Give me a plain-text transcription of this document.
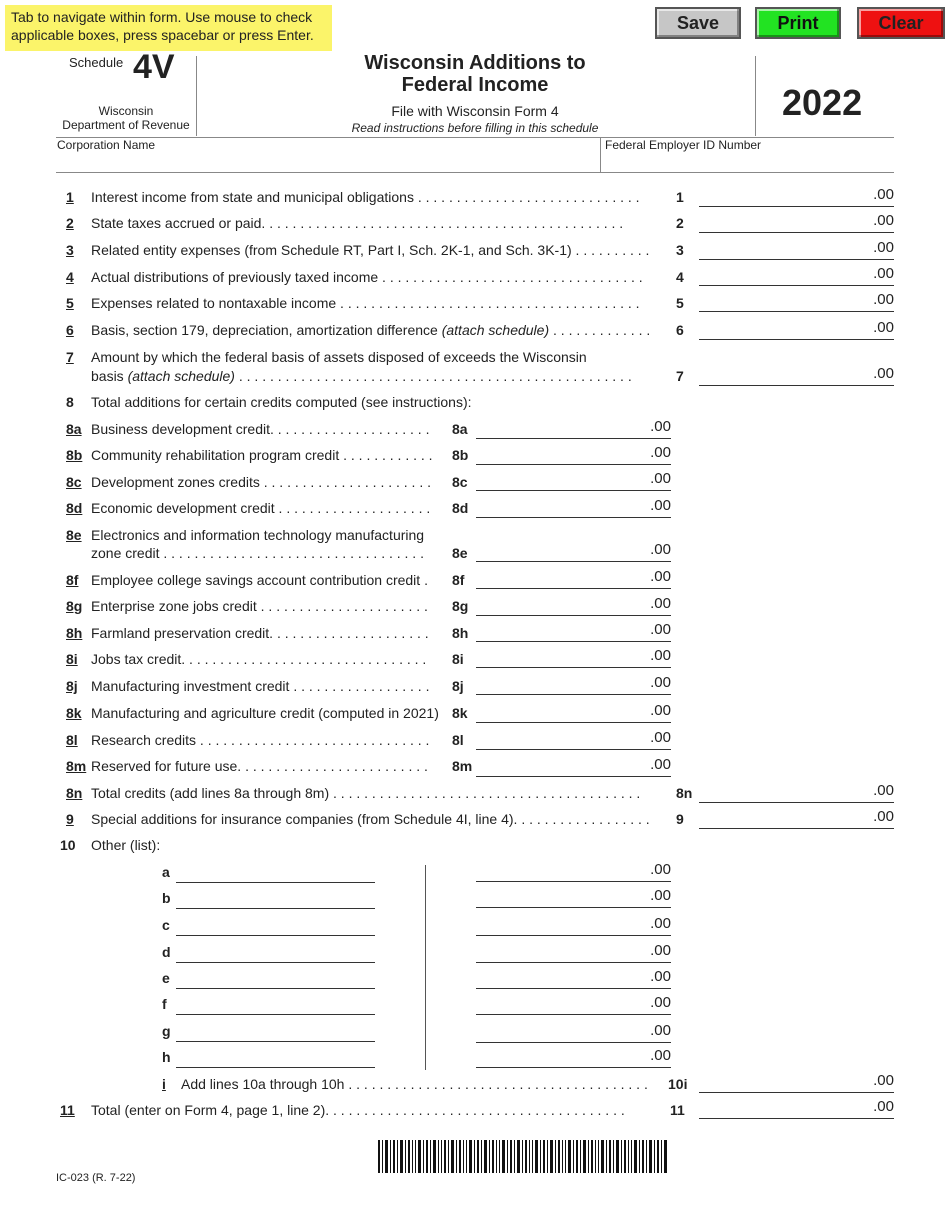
Tab to navigate within form. Use mouse to check applicable boxes, press spacebar or press Enter.
Save	Print	Clear
Schedule 4V
Wisconsin
Department of Revenue
Wisconsin Additions to
Federal Income
File with Wisconsin Form 4
Read instructions before filling in this schedule
2022
Corporation Name	Federal Employer ID Number
1 Interest income from state and municipal obligations . . . . . . . . . . . . . . . . . . . . . . . . . . . . .	1	.00
2 State taxes accrued or paid. . . . . . . . . . . . . . . . . . . . . . . . . . . . . . . . . . . . . . . . . . . . . . .	2	.00
3 Related entity expenses (from Schedule RT, Part I, Sch. 2K-1, and Sch. 3K-1) . . . . . . . . . .	3	.00
4 Actual distributions of previously taxed income . . . . . . . . . . . . . . . . . . . . . . . . . . . . . . . . . .	4	.00
5 Expenses related to nontaxable income . . . . . . . . . . . . . . . . . . . . . . . . . . . . . . . . . . . . . . .	5	.00
6 Basis, section 179, depreciation, amortization difference (attach schedule) . . . . . . . . . . . . .	6	.00
7 Amount by which the federal basis of assets disposed of exceeds the Wisconsin
basis (attach schedule) . . . . . . . . . . . . . . . . . . . . . . . . . . . . . . . . . . . . . . . . . . . . . . . . . . .	7	.00
8 Total additions for certain credits computed (see instructions):
8a Business development credit. . . . . . . . . . . . . . . . . . . . .	8a	.00
8b Community rehabilitation program credit . . . . . . . . . . . .	8b	.00
8c Development zones credits . . . . . . . . . . . . . . . . . . . . . .	8c	.00
8d Economic development credit . . . . . . . . . . . . . . . . . . . .	8d	.00
8e Electronics and information technology manufacturing
zone credit . . . . . . . . . . . . . . . . . . . . . . . . . . . . . . . . . .	8e	.00
8f Employee college savings account contribution credit .	8f	.00
8g Enterprise zone jobs credit . . . . . . . . . . . . . . . . . . . . . .	8g	.00
8h Farmland preservation credit. . . . . . . . . . . . . . . . . . . . .	8h	.00
8i Jobs tax credit. . . . . . . . . . . . . . . . . . . . . . . . . . . . . . . .	8i	.00
8j Manufacturing investment credit . . . . . . . . . . . . . . . . . .	8j	.00
8k Manufacturing and agriculture credit (computed in 2021) 8k	.00
8l Research credits . . . . . . . . . . . . . . . . . . . . . . . . . . . . . .	8l	.00
8m Reserved for future use. . . . . . . . . . . . . . . . . . . . . . . . .	8m	.00
8n Total credits (add lines 8a through 8m) . . . . . . . . . . . . . . . . . . . . . . . . . . . . . . . . . . . . . . . .	8n	.00
9 Special additions for insurance companies (from Schedule 4I, line 4). . . . . . . . . . . . . . . . . .	9	.00
10 Other (list):
a	.00
b	.00
c	.00
d	.00
e	.00
f	.00
g	.00
h	.00
i Add lines 10a through 10h . . . . . . . . . . . . . . . . . . . . . . . . . . . . . . . . . . . . . . .	10i	.00
11 Total (enter on Form 4, page 1, line 2). . . . . . . . . . . . . . . . . . . . . . . . . . . . . . . . . . . . . . .	11	.00
IC-023 (R. 7-22)
